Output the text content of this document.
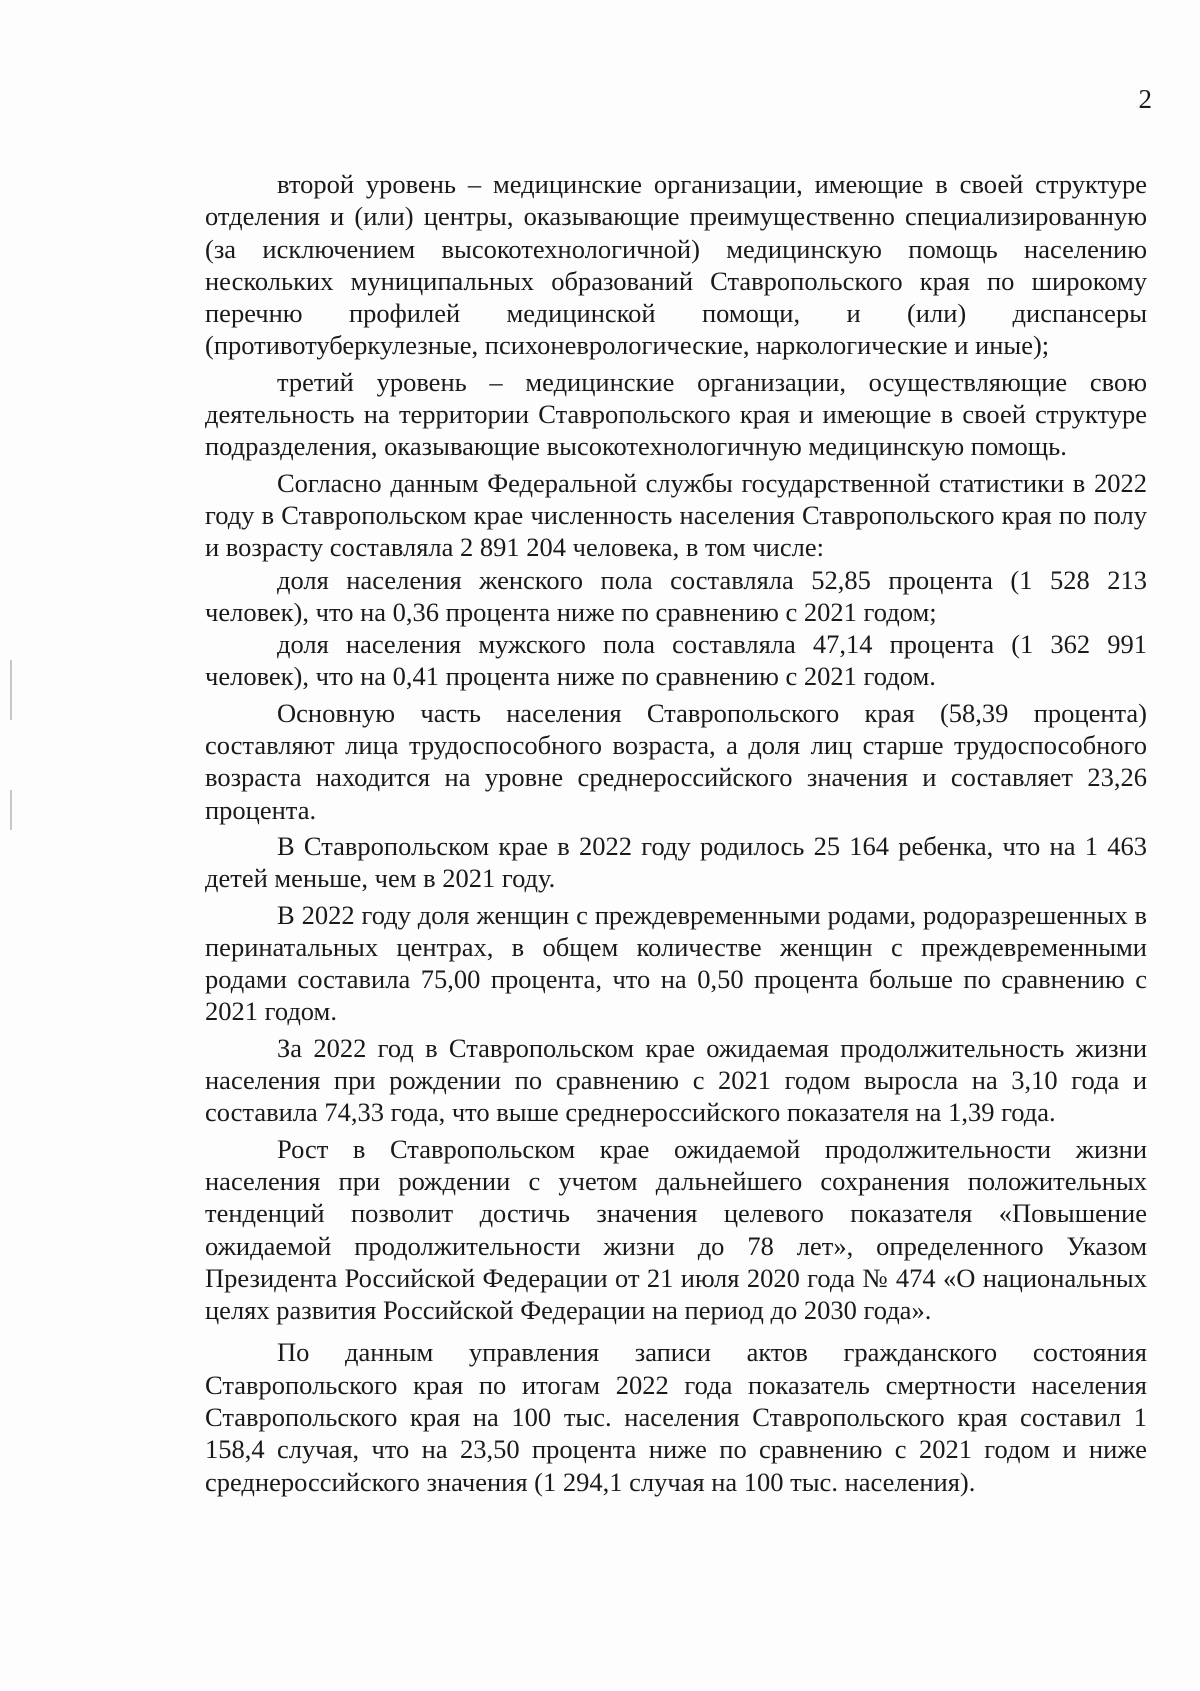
2

второй уровень – медицинские организации, имеющие в своей структуре отделения и (или) центры, оказывающие преимущественно специализированную (за исключением высокотехнологичной) медицинскую помощь населению нескольких муниципальных образований Ставропольского края по широкому перечню профилей медицинской помощи, и (или) диспансеры (противотуберкулезные, психоневрологические, наркологические и иные);

третий уровень – медицинские организации, осуществляющие свою деятельность на территории Ставропольского края и имеющие в своей структуре подразделения, оказывающие высокотехнологичную медицинскую помощь.

Согласно данным Федеральной службы государственной статистики в 2022 году в Ставропольском крае численность населения Ставропольского края по полу и возрасту составляла 2 891 204 человека, в том числе:

доля населения женского пола составляла 52,85 процента (1 528 213 человек), что на 0,36 процента ниже по сравнению с 2021 годом;

доля населения мужского пола составляла 47,14 процента (1 362 991 человек), что на 0,41 процента ниже по сравнению с 2021 годом.

Основную часть населения Ставропольского края (58,39 процента) составляют лица трудоспособного возраста, а доля лиц старше трудоспособного возраста находится на уровне среднероссийского значения и составляет 23,26 процента.

В Ставропольском крае в 2022 году родилось 25 164 ребенка, что на 1 463 детей меньше, чем в 2021 году.

В 2022 году доля женщин с преждевременными родами, родоразрешенных в перинатальных центрах, в общем количестве женщин с преждевременными родами составила 75,00 процента, что на 0,50 процента больше по сравнению с 2021 годом.

За 2022 год в Ставропольском крае ожидаемая продолжительность жизни населения при рождении по сравнению с 2021 годом выросла на 3,10 года и составила 74,33 года, что выше среднероссийского показателя на 1,39 года.

Рост в Ставропольском крае ожидаемой продолжительности жизни населения при рождении с учетом дальнейшего сохранения положительных тенденций позволит достичь значения целевого показателя «Повышение ожидаемой продолжительности жизни до 78 лет», определенного Указом Президента Российской Федерации от 21 июля 2020 года № 474 «О национальных целях развития Российской Федерации на период до 2030 года».

По данным управления записи актов гражданского состояния Ставропольского края по итогам 2022 года показатель смертности населения Ставропольского края на 100 тыс. населения Ставропольского края составил 1 158,4 случая, что на 23,50 процента ниже по сравнению с 2021 годом и ниже среднероссийского значения (1 294,1 случая на 100 тыс. населения).
